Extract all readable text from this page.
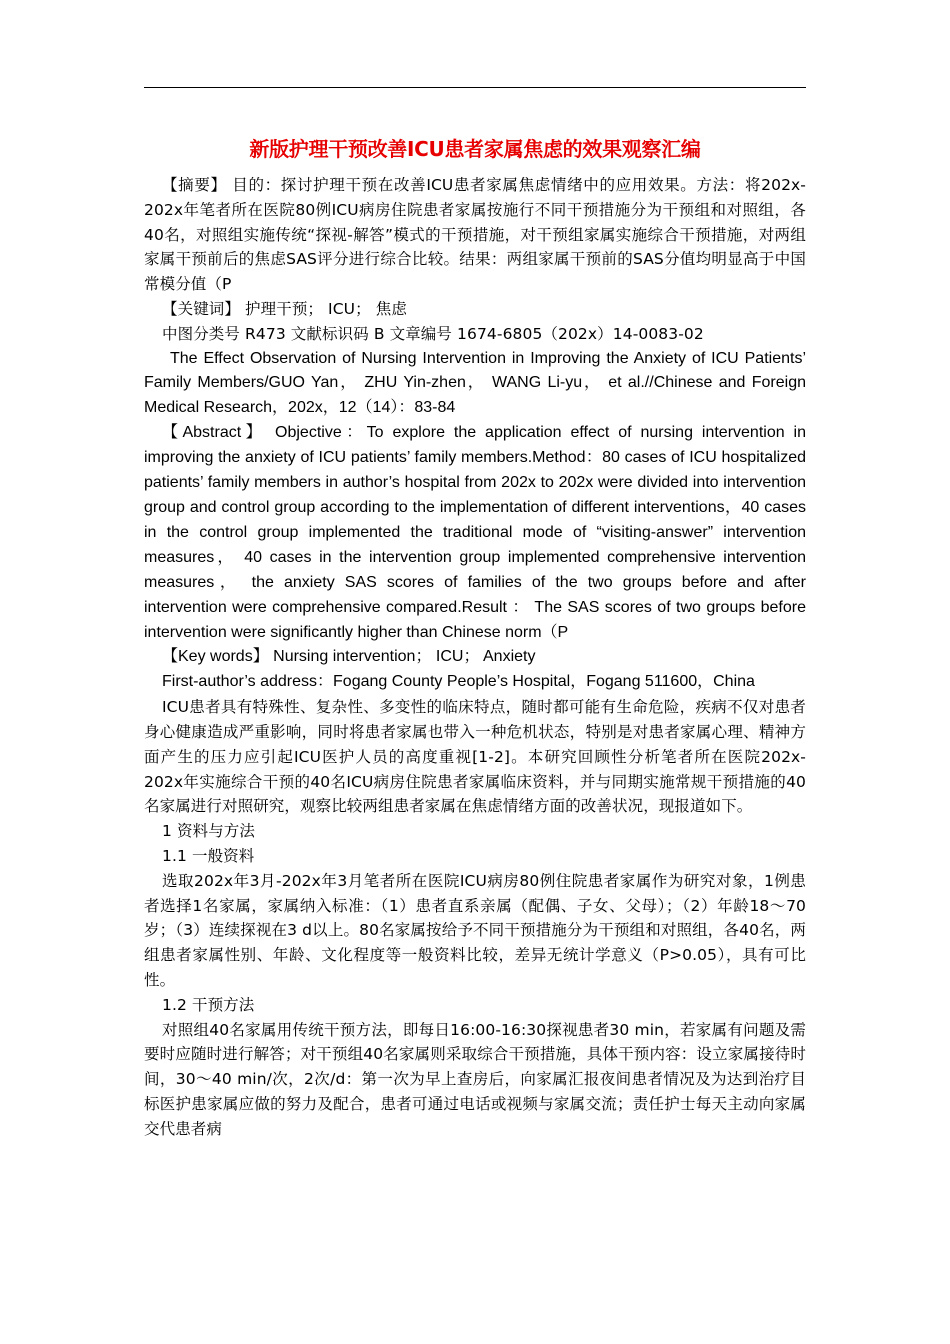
新版护理干预改善ICU患者家属焦虑的效果观察汇编

【摘要】 目的：探讨护理干预在改善ICU患者家属焦虑情绪中的应用效果。方法：将202x-202x年笔者所在医院80例ICU病房住院患者家属按施行不同干预措施分为干预组和对照组，各40名，对照组实施传统“探视-解答”模式的干预措施，对干预组家属实施综合干预措施，对两组家属干预前后的焦虑SAS评分进行综合比较。结果：两组家属干预前的SAS分值均明显高于中国常模分值（P

【关键词】 护理干预； ICU； 焦虑

中图分类号 R473 文献标识码 B 文章编号 1674-6805（202x）14-0083-02

The Effect Observation of Nursing Intervention in Improving the Anxiety of ICU Patients’ Family Members/GUO Yan， ZHU Yin-zhen， WANG Li-yu， et al.//Chinese and Foreign Medical Research，202x，12（14）：83-84

【Abstract】 Objective：To explore the application effect of nursing intervention in improving the anxiety of ICU patients’ family members.Method：80 cases of ICU hospitalized patients’ family members in author’s hospital from 202x to 202x were divided into intervention group and control group according to the implementation of different interventions，40 cases in the control group implemented the traditional mode of “visiting-answer” intervention measures， 40 cases in the intervention group implemented comprehensive intervention measures， the anxiety SAS scores of families of the two groups before and after intervention were comprehensive compared.Result ： The SAS scores of two groups before intervention were significantly higher than Chinese norm（P

【Key words】 Nursing intervention； ICU； Anxiety

First-author’s address：Fogang County People’s Hospital，Fogang 511600，China

ICU患者具有特殊性、复杂性、多变性的临床特点，随时都可能有生命危险，疾病不仅对患者身心健康造成严重影响，同时将患者家属也带入一种危机状态，特别是对患者家属心理、精神方面产生的压力应引起ICU医护人员的高度重视[1-2]。本研究回顾性分析笔者所在医院202x-202x年实施综合干预的40名ICU病房住院患者家属临床资料，并与同期实施常规干预措施的40名家属进行对照研究，观察比较两组患者家属在焦虑情绪方面的改善状况，现报道如下。

1 资料与方法

1.1 一般资料

选取202x年3月-202x年3月笔者所在医院ICU病房80例住院患者家属作为研究对象，1例患者选择1名家属，家属纳入标准：（1）患者直系亲属（配偶、子女、父母）；（2）年龄18～70岁；（3）连续探视在3 d以上。80名家属按给予不同干预措施分为干预组和对照组，各40名，两组患者家属性别、年龄、文化程度等一般资料比较，差异无统计学意义（P>0.05），具有可比性。

1.2 干预方法

对照组40名家属用传统干预方法，即每日16:00-16:30探视患者30 min，若家属有问题及需要时应随时进行解答；对干预组40名家属则采取综合干预措施，具体干预内容：设立家属接待时间，30～40 min/次，2次/d：第一次为早上查房后，向家属汇报夜间患者情况及为达到治疗目标医护患家属应做的努力及配合，患者可通过电话或视频与家属交流；责任护士每天主动向家属交代患者病
